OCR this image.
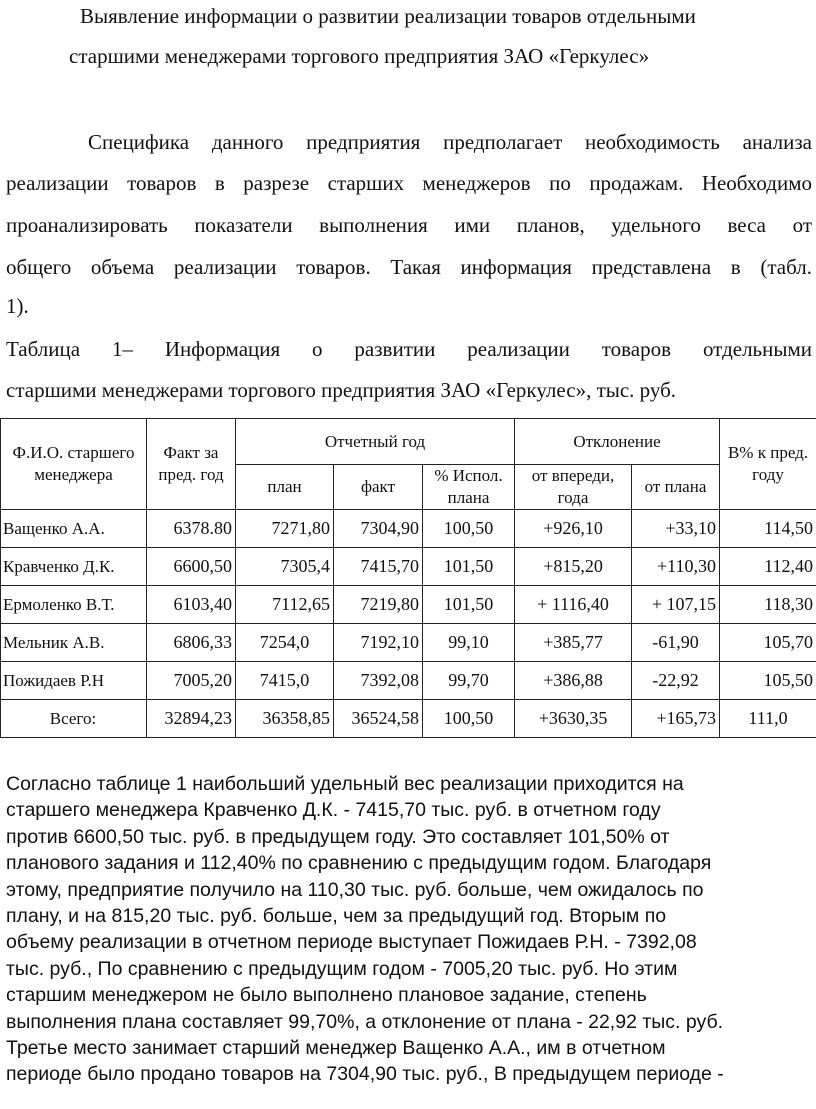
Выявление информации о развитии реализации товаров отдельными
старшими менеджерами торгового предприятия ЗАО «Геркулес»
Специфика данного предприятия предполагает необходимость анализа
реализации товаров в разрезе старших менеджеров по продажам. Необходимо
проанализировать показатели выполнения ими планов, удельного веса от
общего объема реализации товаров. Такая информация представлена в (табл.
1).
Таблица 1– Информация о развитии реализации товаров отдельными
старшими менеджерами торгового предприятия ЗАО «Геркулес», тыс. руб.
Ф.И.О. старшего менеджера	Факт за пред. год	Отчетный год			Отклонение		В% к пред. году
		план	факт	% Испол. плана	от впереди, года	от плана	
Ващенко А.А.	6378.80	7271,80	7304,90	100,50	+926,10	+33,10	114,50
Кравченко Д.К.	6600,50	7305,4	7415,70	101,50	+815,20	+110,30	112,40
Ермоленко В.Т.	6103,40	7112,65	7219,80	101,50	+ 1116,40	+ 107,15	118,30
Мельник А.В.	6806,33	7254,0	7192,10	99,10	+385,77	-61,90	105,70
Пожидаев Р.Н	7005,20	7415,0	7392,08	99,70	+386,88	-22,92	105,50
Всего:	32894,23	36358,85	36524,58	100,50	+3630,35	+165,73	111,0
Согласно таблице 1 наибольший удельный вес реализации приходится на
старшего менеджера Кравченко Д.К. - 7415,70 тыс. руб. в отчетном году
против 6600,50 тыс. руб. в предыдущем году. Это составляет 101,50% от
планового задания и 112,40% по сравнению с предыдущим годом. Благодаря
этому, предприятие получило на 110,30 тыс. руб. больше, чем ожидалось по
плану, и на 815,20 тыс. руб. больше, чем за предыдущий год. Вторым по
объему реализации в отчетном периоде выступает Пожидаев Р.Н. - 7392,08
тыс. руб., По сравнению с предыдущим годом - 7005,20 тыс. руб. Но этим
старшим менеджером не было выполнено плановое задание, степень
выполнения плана составляет 99,70%, а отклонение от плана - 22,92 тыс. руб.
Третье место занимает старший менеджер Ващенко А.А., им в отчетном
периоде было продано товаров на 7304,90 тыс. руб., В предыдущем периоде -
